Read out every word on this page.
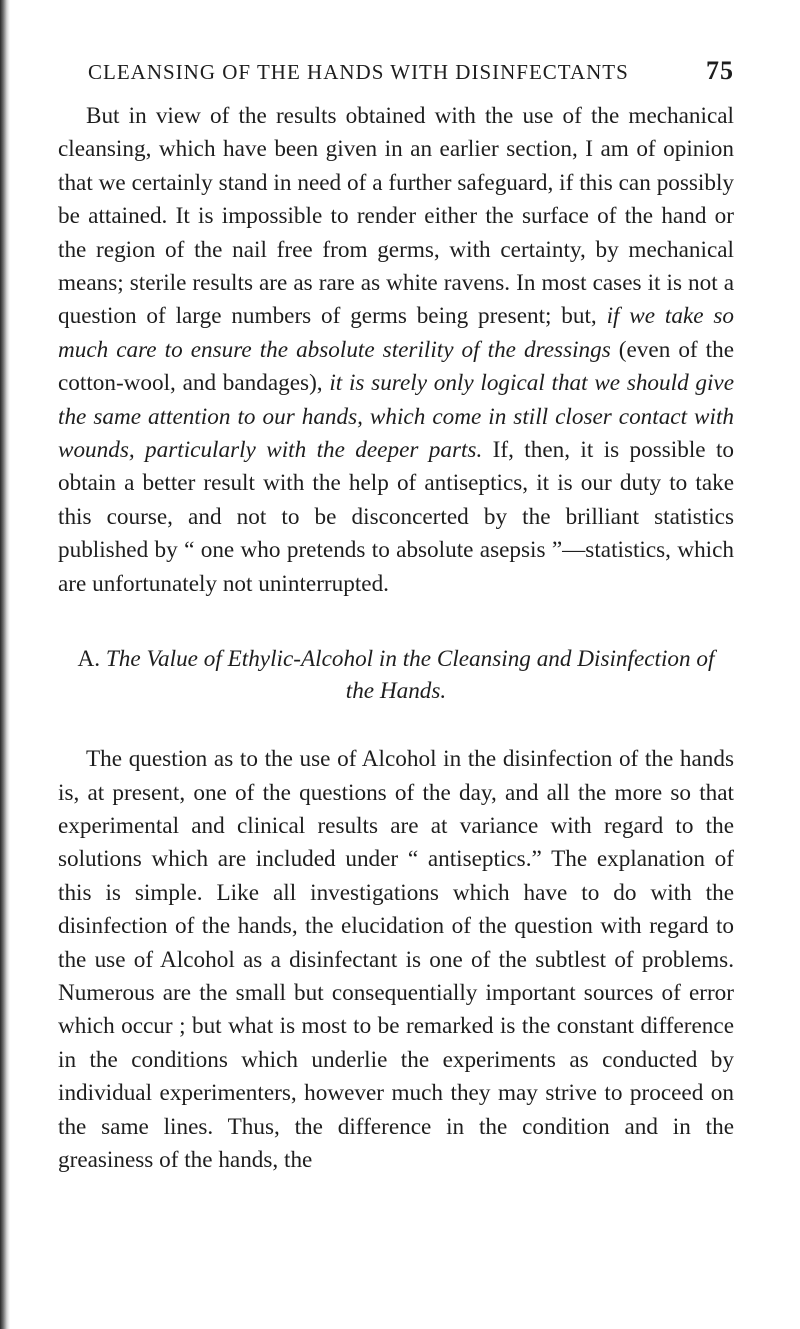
CLEANSING OF THE HANDS WITH DISINFECTANTS	75

But in view of the results obtained with the use of the mechanical cleansing, which have been given in an earlier section, I am of opinion that we certainly stand in need of a further safeguard, if this can possibly be attained. It is impossible to render either the surface of the hand or the region of the nail free from germs, with certainty, by mechanical means; sterile results are as rare as white ravens. In most cases it is not a question of large numbers of germs being present; but, if we take so much care to ensure the absolute sterility of the dressings (even of the cotton-wool, and bandages), it is surely only logical that we should give the same attention to our hands, which come in still closer contact with wounds, particularly with the deeper parts. If, then, it is possible to obtain a better result with the help of antiseptics, it is our duty to take this course, and not to be disconcerted by the brilliant statistics published by “ one who pretends to absolute asepsis ”—statistics, which are unfortunately not uninterrupted.

A. The Value of Ethylic-Alcohol in the Cleansing and Disinfection of the Hands.

The question as to the use of Alcohol in the disinfection of the hands is, at present, one of the questions of the day, and all the more so that experimental and clinical results are at variance with regard to the solutions which are included under “ antiseptics.” The explanation of this is simple. Like all investigations which have to do with the disinfection of the hands, the elucidation of the question with regard to the use of Alcohol as a disinfectant is one of the subtlest of problems. Numerous are the small but consequentially important sources of error which occur ; but what is most to be remarked is the constant difference in the conditions which underlie the experiments as conducted by individual experimenters, however much they may strive to proceed on the same lines. Thus, the difference in the condition and in the greasiness of the hands, the
